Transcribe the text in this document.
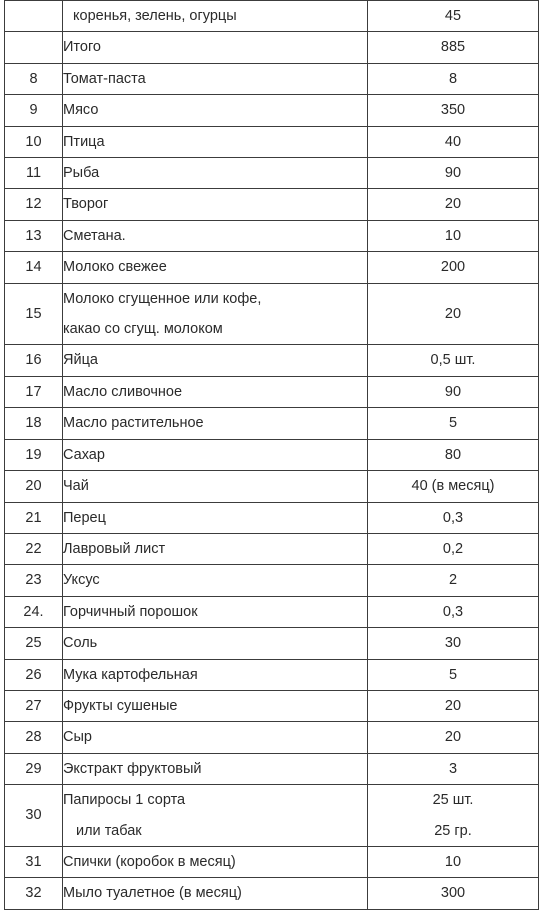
	коренья, зелень, огурцы	45

	Итого	885

8	Томат-паста	8

9	Мясо	350

10	Птица	40

11	Рыба	90

12	Творог	20

13	Сметана.	10

14	Молоко свежее	200

15	Молоко сгущенное или кофе,
какао со сгущ. молоком	20

16	Яйца	0,5 шт.

17	Масло сливочное	90

18	Масло растительное	5

19	Сахар	80

20	Чай	40 (в месяц)

21	Перец	0,3

22	Лавровый лист	0,2

23	Уксус	2

24.	Горчичный порошок	0,3

25	Соль	30

26	Мука картофельная	5

27	Фрукты сушеные	20

28	Сыр	20

29	Экстракт фруктовый	3

30	Папиросы 1 сорта
или табак	25 шт.
25 гр.

31	Спички (коробок в месяц)	10

32	Мыло туалетное (в месяц)	300
